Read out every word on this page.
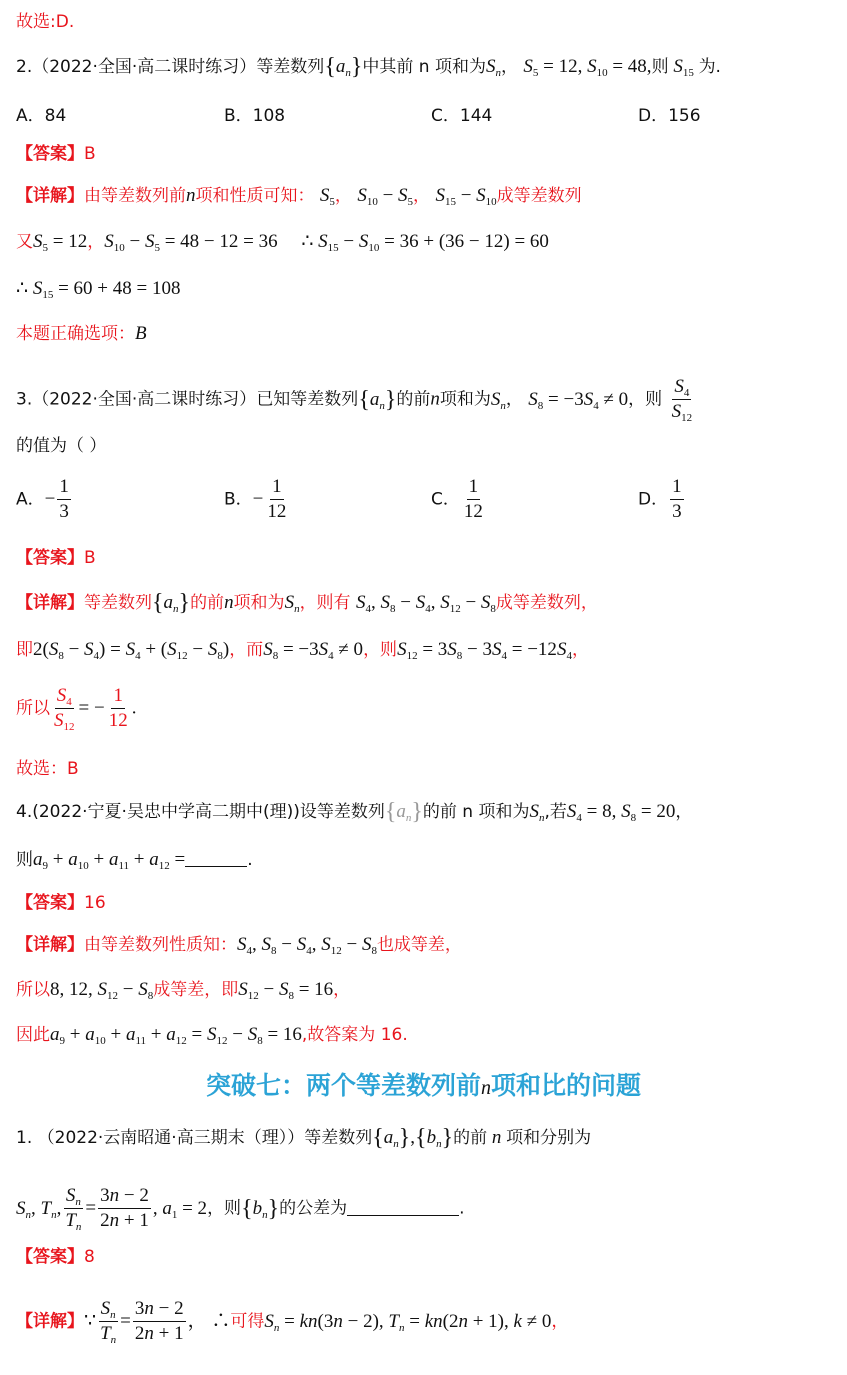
故选:D.
2.（2022·全国·高二课时练习）等差数列$\{a_n\}$中其前 n 项和为$S_n$， $S_5 = 12$, $S_{10} = 48$,则 $S_{15}$ 为.
A．84	B．108	C．144	D．156
【答案】B
【详解】由等差数列前n项和性质可知： $S_5$， $S_{10} - S_5$， $S_{15} - S_{10}$成等差数列
又$S_5 = 12$，$S_{10} - S_5 = 48 - 12 = 36$     ∴ $S_{15} - S_{10} = 36 + (36 - 12) = 60$
∴ $S_{15} = 60 + 48 = 108$
本题正确选项：B
3.（2022·全国·高二课时练习）已知等差数列$\{a_n\}$的前n项和为$S_n$， $S_8 = -3S_4 \ne 0$，则 $\frac{S_4}{S_{12}}$
的值为（ ）
A．− $\frac{1}{3}$	B．− $\frac{1}{12}$	C． $\frac{1}{12}$	D． $\frac{1}{3}$
【答案】B
【详解】等差数列$\{a_n\}$的前n项和为$S_n$，则有 $S_4$, $S_8 - S_4$, $S_{12} - S_8$成等差数列，
即$2(S_8 - S_4) = S_4 + (S_{12} - S_8)$，而$S_8 = -3S_4 \ne 0$，则$S_{12} = 3S_8 - 3S_4 = -12S_4$，
所以 $\frac{S_4}{S_{12}}$ = − $\frac{1}{12}$ .
故选：B
4.(2022·宁夏·吴忠中学高二期中(理))设等差数列$\{a_n\}$的前 n 项和为$S_n$,若$S_4 = 8$, $S_8 = 20$，
则$a_9 + a_{10} + a_{11} + a_{12}$ =	.
【答案】16
【详解】由等差数列性质知：$S_4$, $S_8 - S_4$, $S_{12} - S_8$也成等差，
所以8, 12, $S_{12} - S_8$成等差，即$S_{12} - S_8 = 16$，
因此$a_9 + a_{10} + a_{11} + a_{12} = S_{12} - S_8 = 16$,故答案为 16.
突破七：两个等差数列前n项和比的问题
1. （2022·云南昭通·高三期末（理））等差数列$\{a_n\},\{b_n\}$的前 n 项和分别为
$S_n$, $T_n$, $\frac{S_n}{T_n} = \frac{3n - 2}{2n + 1}$ , $a_1 = 2$，则$\{b_n\}$的公差为	.
【答案】8
【详解】∵ $\frac{S_n}{T_n} = \frac{3n - 2}{2n + 1}$ ， ∴可得$S_n = kn(3n - 2)$, $T_n = kn(2n + 1)$, k ≠ 0，
